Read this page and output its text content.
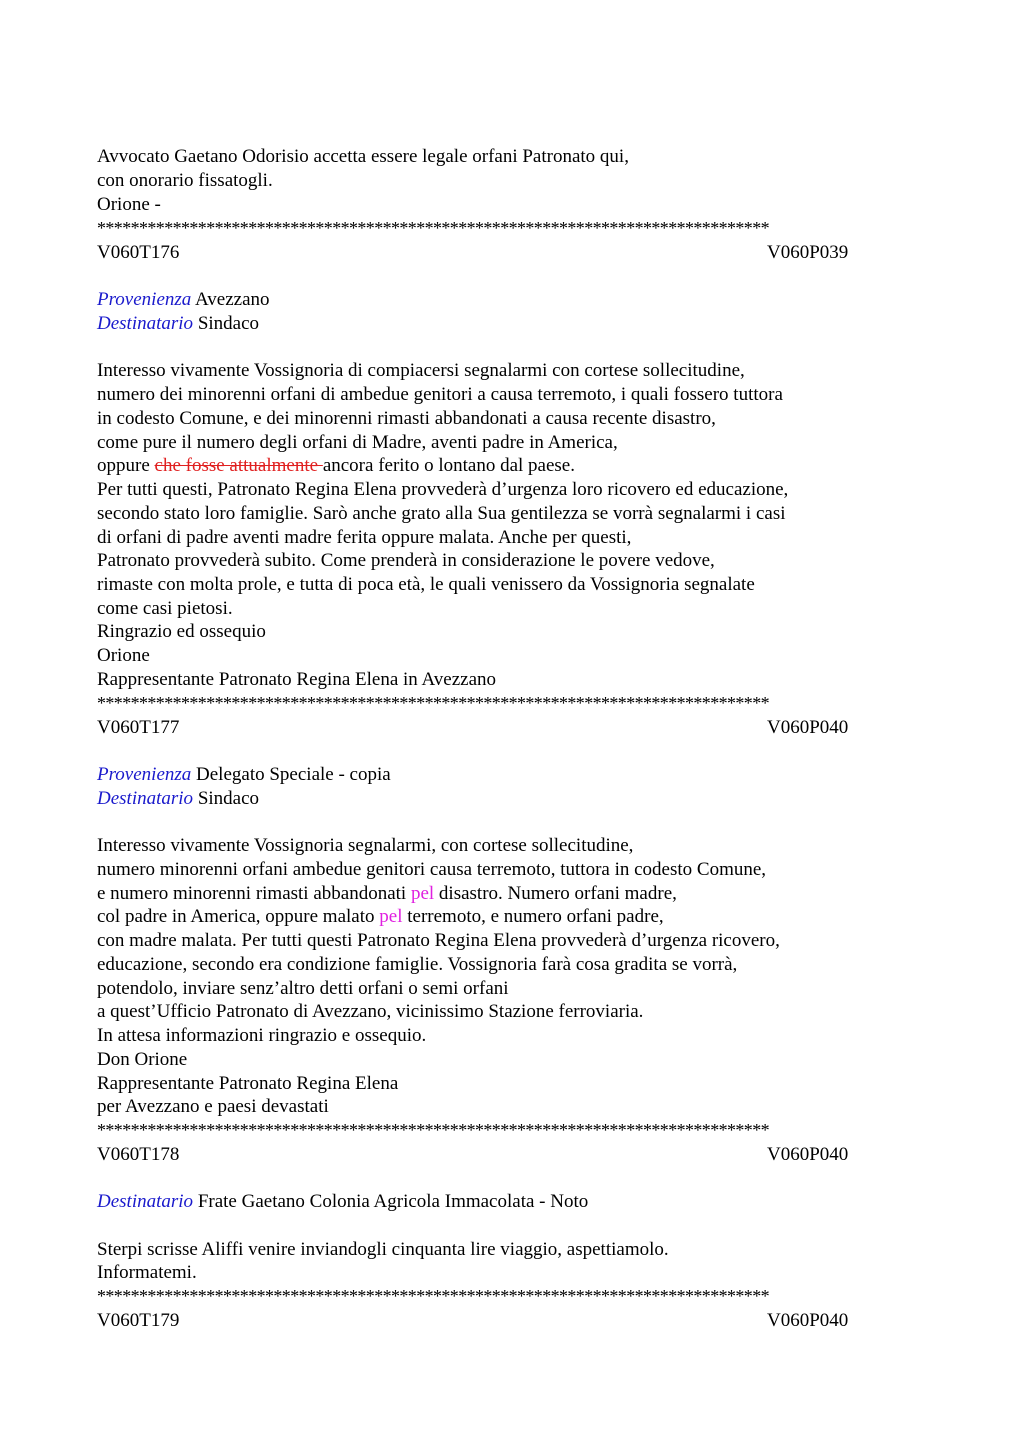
Avvocato Gaetano Odorisio accetta essere legale orfani Patronato qui,
con onorario fissatogli.
Orione -
********************************************************************************
V060T176	V060P039
Provenienza Avezzano
Destinatario Sindaco
Interesso vivamente Vossignoria di compiacersi segnalarmi con cortese sollecitudine,
numero dei minorenni orfani di ambedue genitori a causa terremoto, i quali fossero tuttora
in codesto Comune, e dei minorenni rimasti abbandonati a causa recente disastro,
come pure il numero degli orfani di Madre, aventi padre in America,
oppure che fosse attualmente ancora ferito o lontano dal paese.
Per tutti questi, Patronato Regina Elena provvederà d’urgenza loro ricovero ed educazione,
secondo stato loro famiglie. Sarò anche grato alla Sua gentilezza se vorrà segnalarmi i casi
di orfani di padre aventi madre ferita oppure malata. Anche per questi,
Patronato provvederà subito. Come prenderà in considerazione le povere vedove,
rimaste con molta prole, e tutta di poca età, le quali venissero da Vossignoria segnalate
come casi pietosi.
Ringrazio ed ossequio
Orione
Rappresentante Patronato Regina Elena in Avezzano
********************************************************************************
V060T177	V060P040
Provenienza Delegato Speciale - copia
Destinatario Sindaco
Interesso vivamente Vossignoria segnalarmi, con cortese sollecitudine,
numero minorenni orfani ambedue genitori causa terremoto, tuttora in codesto Comune,
e numero minorenni rimasti abbandonati pel disastro. Numero orfani madre,
col padre in America, oppure malato pel terremoto, e numero orfani padre,
con madre malata. Per tutti questi Patronato Regina Elena provvederà d’urgenza ricovero,
educazione, secondo era condizione famiglie. Vossignoria farà cosa gradita se vorrà,
potendolo, inviare senz’altro detti orfani o semi orfani
a quest’Ufficio Patronato di Avezzano, vicinissimo Stazione ferroviaria.
In attesa informazioni ringrazio e ossequio.
Don Orione
Rappresentante Patronato Regina Elena
per Avezzano e paesi devastati
********************************************************************************
V060T178	V060P040
Destinatario Frate Gaetano Colonia Agricola Immacolata - Noto
Sterpi scrisse Aliffi venire inviandogli cinquanta lire viaggio, aspettiamolo.
Informatemi.
********************************************************************************
V060T179	V060P040
